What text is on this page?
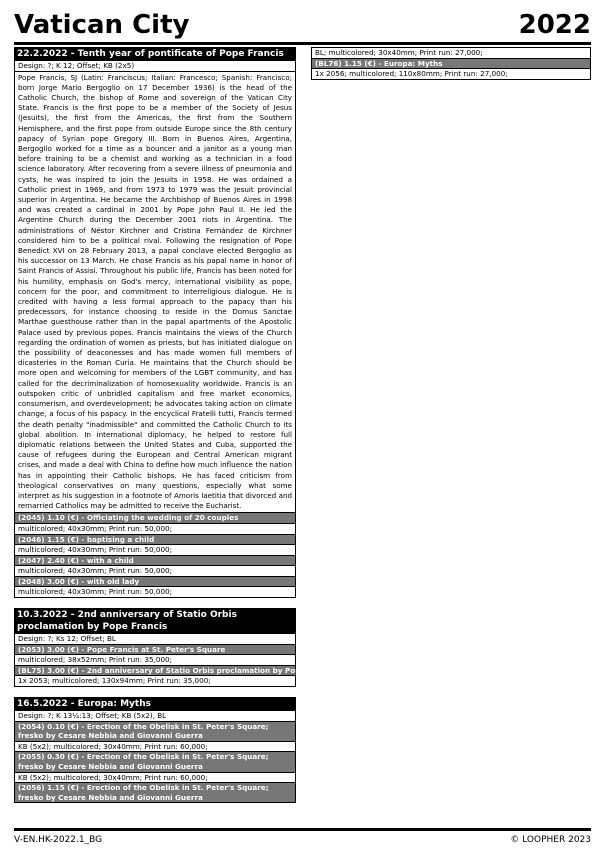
Vatican City	2022
22.2.2022 - Tenth year of pontificate of Pope Francis
Design: ?; K 12; Offset; KB (2x5)
Pope Francis, SJ (Latin: Franciscus; Italian: Francesco; Spanish: Francisco; born Jorge Mario Bergoglio on 17 December 1936) is the head of the Catholic Church, the bishop of Rome and sovereign of the Vatican City State. Francis is the first pope to be a member of the Society of Jesus (Jesuits), the first from the Americas, the first from the Southern Hemisphere, and the first pope from outside Europe since the 8th century papacy of Syrian pope Gregory III. Born in Buenos Aires, Argentina, Bergoglio worked for a time as a bouncer and a janitor as a young man before training to be a chemist and working as a technician in a food science laboratory. After recovering from a severe illness of pneumonia and cysts, he was inspired to join the Jesuits in 1958. He was ordained a Catholic priest in 1969, and from 1973 to 1979 was the Jesuit provincial superior in Argentina. He became the Archbishop of Buenos Aires in 1998 and was created a cardinal in 2001 by Pope John Paul II. He led the Argentine Church during the December 2001 riots in Argentina. The administrations of Néstor Kirchner and Cristina Fernández de Kirchner considered him to be a political rival. Following the resignation of Pope Benedict XVI on 28 February 2013, a papal conclave elected Bergoglio as his successor on 13 March. He chose Francis as his papal name in honor of Saint Francis of Assisi. Throughout his public life, Francis has been noted for his humility, emphasis on God's mercy, international visibility as pope, concern for the poor, and commitment to interreligious dialogue. He is credited with having a less formal approach to the papacy than his predecessors, for instance choosing to reside in the Domus Sanctae Marthae guesthouse rather than in the papal apartments of the Apostolic Palace used by previous popes. Francis maintains the views of the Church regarding the ordination of women as priests, but has initiated dialogue on the possibility of deaconesses and has made women full members of dicasteries in the Roman Curia. He maintains that the Church should be more open and welcoming for members of the LGBT community, and has called for the decriminalization of homosexuality worldwide. Francis is an outspoken critic of unbridled capitalism and free market economics, consumerism, and overdevelopment; he advocates taking action on climate change, a focus of his papacy. In the encyclical Fratelli tutti, Francis termed the death penalty "inadmissible" and committed the Catholic Church to its global abolition. In international diplomacy, he helped to restore full diplomatic relations between the United States and Cuba, supported the cause of refugees during the European and Central American migrant crises, and made a deal with China to define how much influence the nation has in appointing their Catholic bishops. He has faced criticism from theological conservatives on many questions, especially what some interpret as his suggestion in a footnote of Amoris laetitia that divorced and remarried Catholics may be admitted to receive the Eucharist.
(2045) 1.10 (€) - Officiating the wedding of 20 couples
multicolored; 40x30mm; Print run: 50,000;
(2046) 1.15 (€) - baptising a child
multicolored; 40x30mm; Print run: 50,000;
(2047) 2.40 (€) - with a child
multicolored; 40x30mm; Print run: 50,000;
(2048) 3.00 (€) - with old lady
multicolored; 40x30mm; Print run: 50,000;
10.3.2022 - 2nd anniversary of Statio Orbis proclamation by Pope Francis
Design: ?; Ks 12; Offset; BL
(2053) 3.00 (€) - Pope Francis at St. Peter's Square
multicolored; 38x52mm; Print run: 35,000;
(BL75) 3.00 (€) - 2nd anniversary of Statio Orbis proclamation by Pope Francis
1x 2053; multicolored; 130x94mm; Print run: 35,000;
16.5.2022 - Europa: Myths
Design: ?; K 13¼:13; Offset; KB (5x2), BL
(2054) 0.10 (€) - Erection of the Obelisk in St. Peter's Square; fresko by Cesare Nebbia and Giovanni Guerra
KB (5x2); multicolored; 30x40mm; Print run: 60,000;
(2055) 0.30 (€) - Erection of the Obelisk in St. Peter's Square; fresko by Cesare Nebbia and Giovanni Guerra
KB (5x2); multicolored; 30x40mm; Print run: 60,000;
(2056) 1.15 (€) - Erection of the Obelisk in St. Peter's Square; fresko by Cesare Nebbia and Giovanni Guerra
BL; multicolored; 30x40mm; Print run: 27,000;
(BL76) 1.15 (€) - Europa: Myths
1x 2056; multicolored; 110x80mm; Print run: 27,000;
V-EN.HK-2022.1_BG	© LOOPHER 2023
